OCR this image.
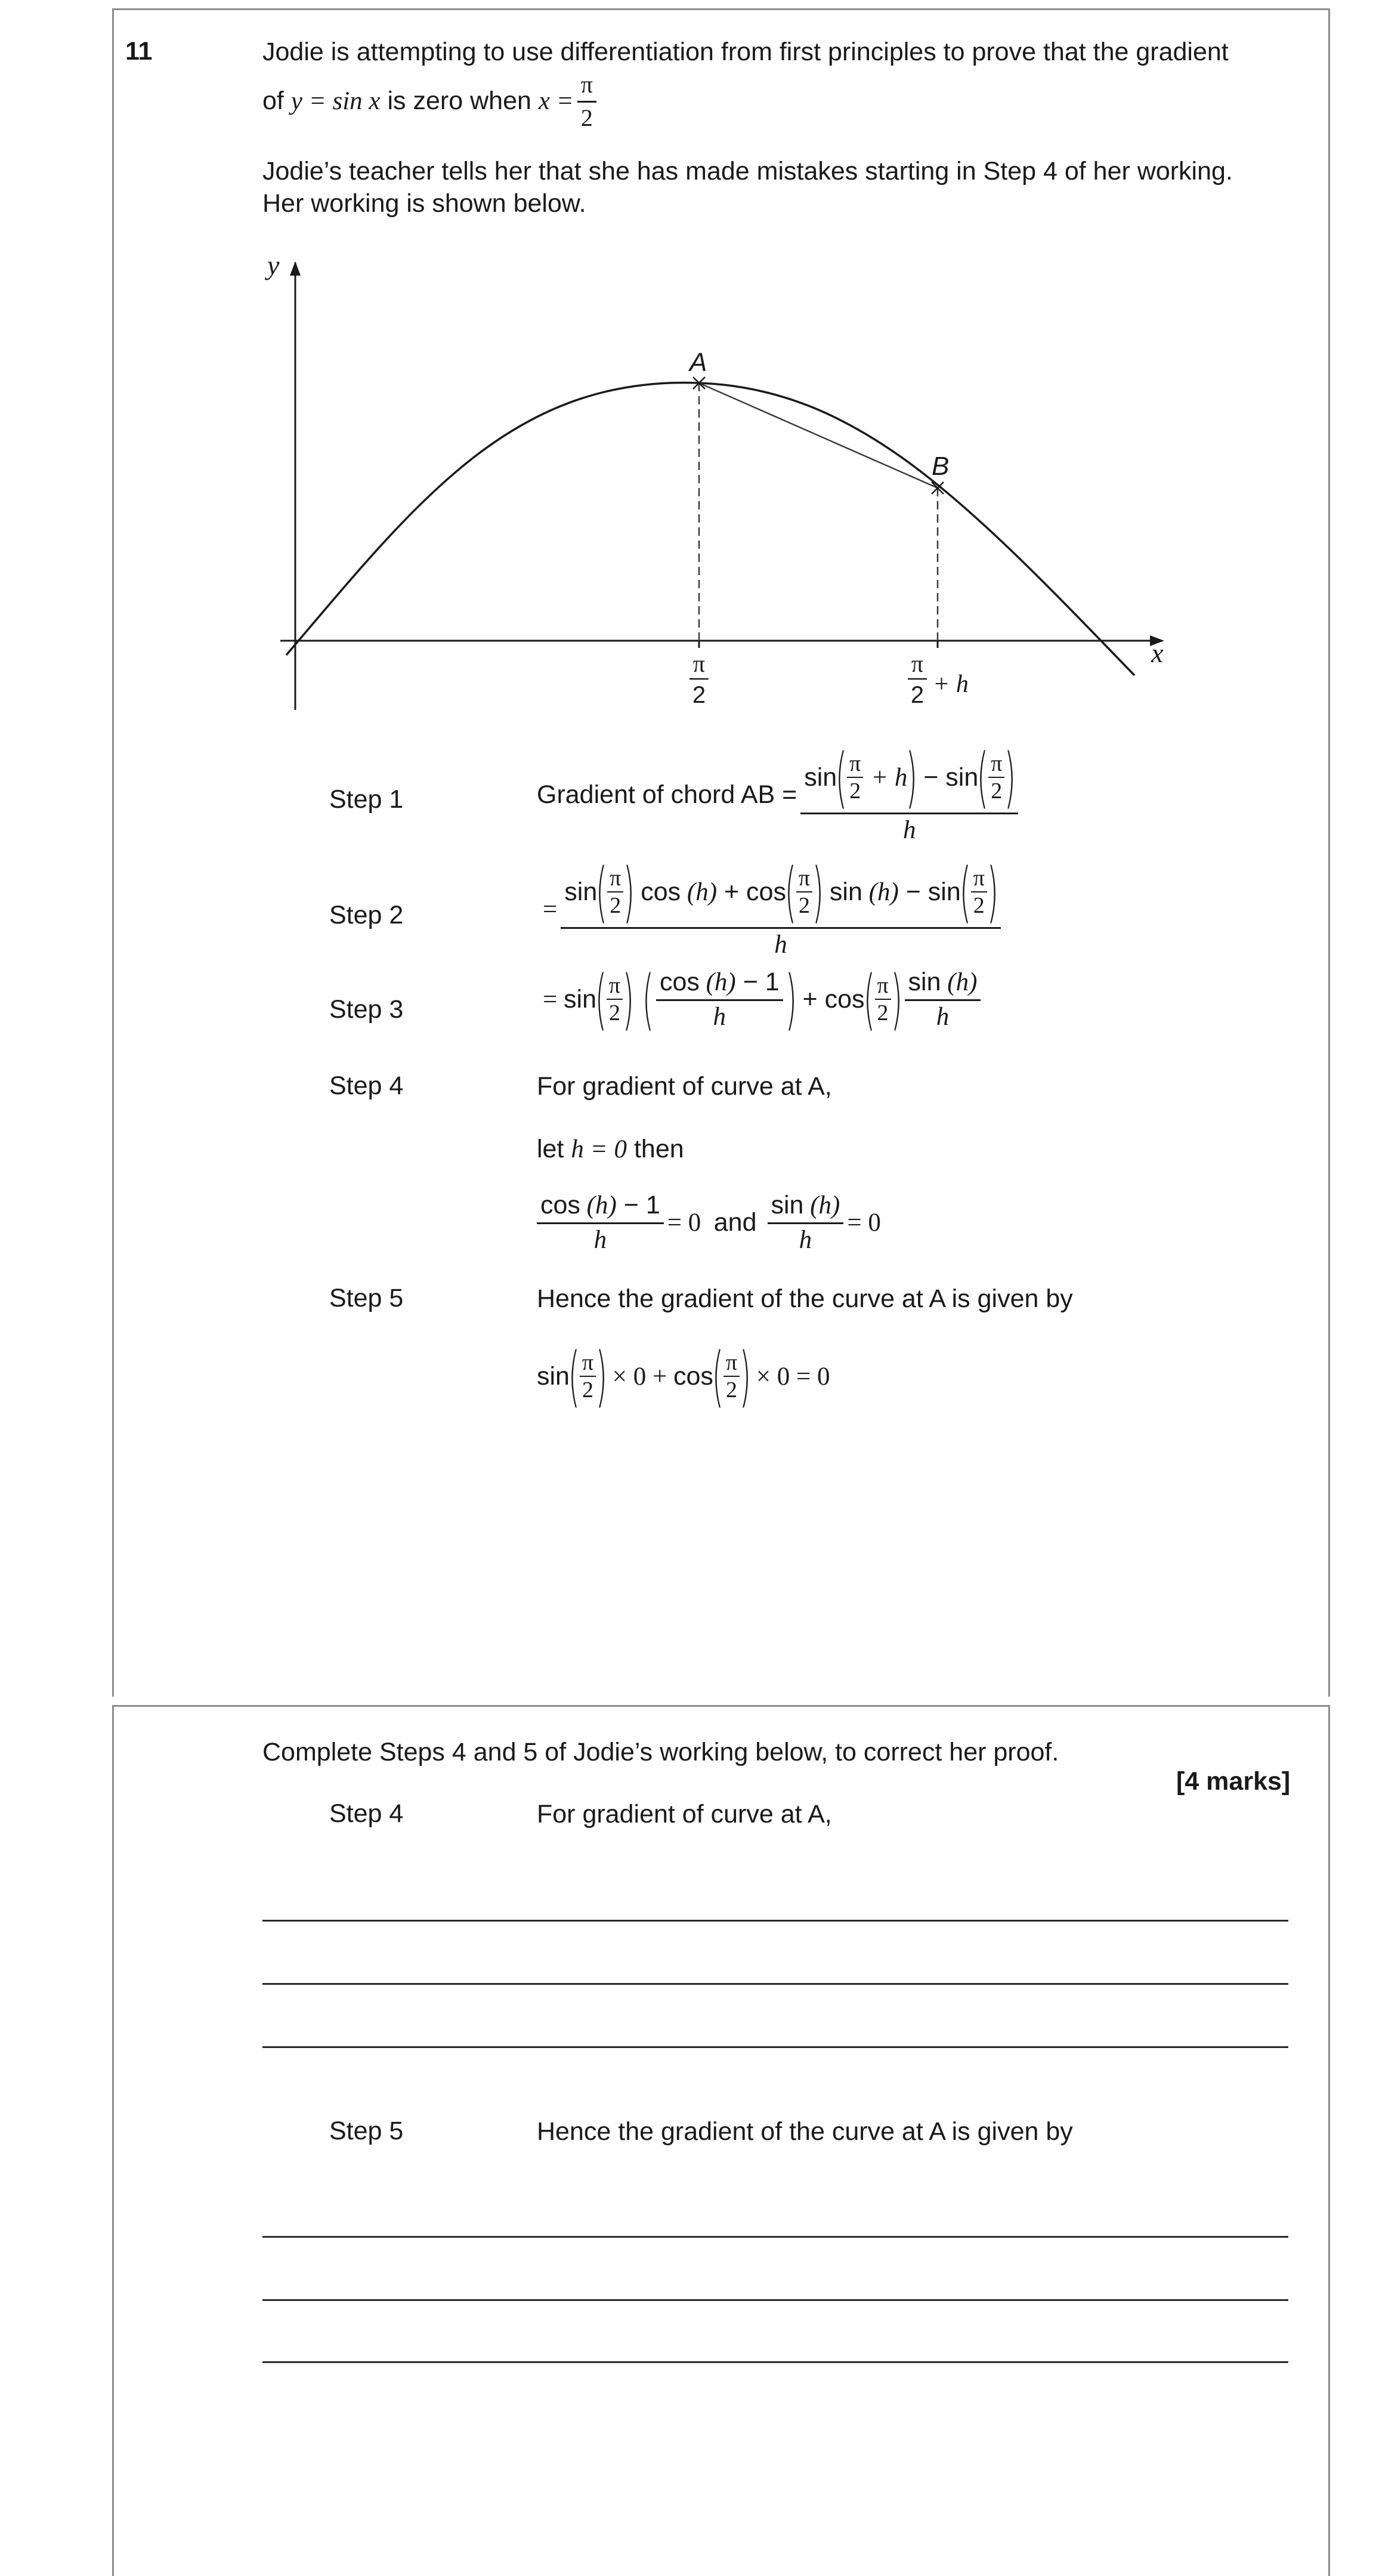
11	Jodie is attempting to use differentiation from first principles to prove that the gradient
of y = sin x is zero when $x = \frac{\pi}{2}$
Jodie’s teacher tells her that she has made mistakes starting in Step 4 of her working.
Her working is shown below.
y
x
A
B
π
2
π
2 + h
Step 1	Gradient of chord AB = sin
( $\frac{\pi}{2} + h$
)
− sin
( $\frac{\pi}{2}$ )
h
Step 2	= sin
( $\frac{\pi}{2}$ )
cos (h) + cos
( $\frac{\pi}{2}$ )
sin (h) − sin
( $\frac{\pi}{2}$ )
h
Step 3	= sin
( $\frac{\pi}{2}$ ) ( $\frac{\cos (h) - 1}{h}$ )
+ cos
( $\frac{\pi}{2}$ ) $\frac{\sin (h)}{h}$
Step 4	For gradient of curve at A,
let h = 0 then
$\frac{\cos (h) - 1}{h} = 0$ and $\frac{\sin (h)}{h} = 0$
Step 5	Hence the gradient of the curve at A is given by
sin
( $\frac{\pi}{2}$ )
× 0 + cos
( $\frac{\pi}{2}$ )
× 0 = 0
Complete Steps 4 and 5 of Jodie’s working below, to correct her proof.
[4 marks]
Step 4	For gradient of curve at A,
Step 5	Hence the gradient of the curve at A is given by
